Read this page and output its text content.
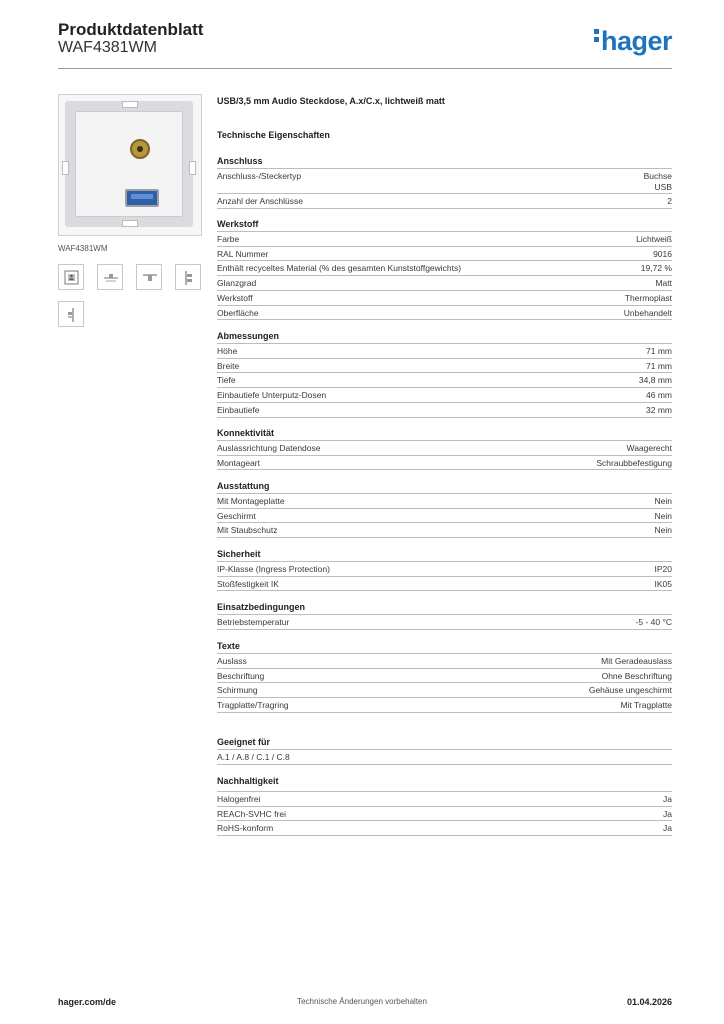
Produktdatenblatt
WAF4381WM	hager
WAF4381WM
USB/3,5 mm Audio Steckdose, A.x/C.x, lichtweiß matt
Technische Eigenschaften
Anschluss
Anschluss-/Steckertyp	Buchse
USB
Anzahl der Anschlüsse	2
Werkstoff
Farbe	Lichtweiß
RAL Nummer	9016
Enthält recyceltes Material (% des gesamten Kunststoffgewichts)	19,72 %
Glanzgrad	Matt
Werkstoff	Thermoplast
Oberfläche	Unbehandelt
Abmessungen
Höhe	71 mm
Breite	71 mm
Tiefe	34,8 mm
Einbautiefe Unterputz-Dosen	46 mm
Einbautiefe	32 mm
Konnektivität
Auslassrichtung Datendose	Waagerecht
Montageart	Schraubbefestigung
Ausstattung
Mit Montageplatte	Nein
Geschirmt	Nein
Mit Staubschutz	Nein
Sicherheit
IP-Klasse (Ingress Protection)	IP20
Stoßfestigkeit IK	IK05
Einsatzbedingungen
Betriebstemperatur	-5 - 40 °C
Texte
Auslass	Mit Geradeauslass
Beschriftung	Ohne Beschriftung
Schirmung	Gehäuse ungeschirmt
Tragplatte/Tragring	Mit Tragplatte
Geeignet für
A.1 / A.8 / C.1 / C.8
Nachhaltigkeit
Halogenfrei	Ja
REACh-SVHC frei	Ja
RoHS-konform	Ja
hager.com/de	Technische Änderungen vorbehalten	01.04.2026
